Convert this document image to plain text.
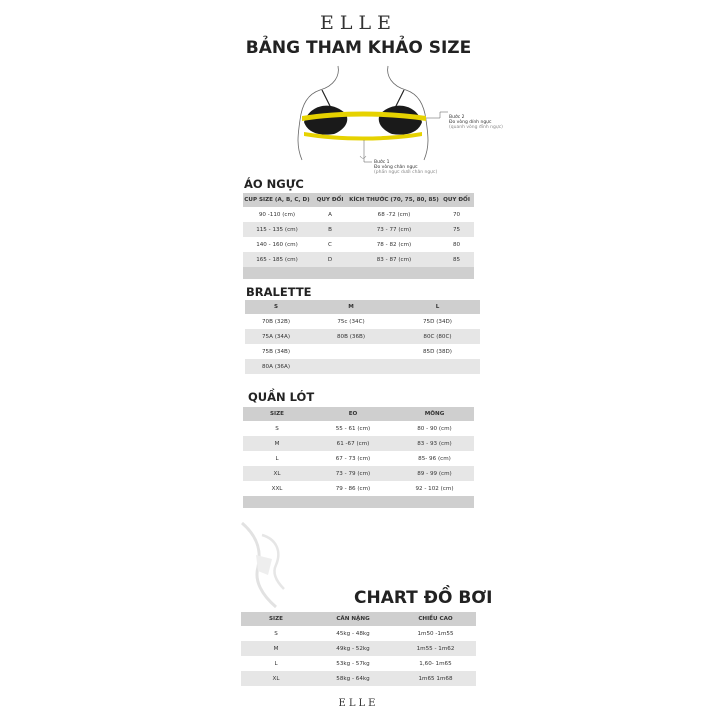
ELLE
BẢNG THAM KHẢO SIZE
Bước 2
Đo vòng dính ngực
(quanh vòng đỉnh ngực)
Bước 1
Đo vòng chân ngực
(phần ngực dưới chân ngực)
ÁO NGỰC
CUP SIZE (A, B, C, D)	QUY ĐỔI	KÍCH THƯỚC (70, 75, 80, 85)	QUY ĐỔI
90 -110 (cm)	A	68 -72 (cm)	70
115 - 135 (cm)	B	73 - 77 (cm)	75
140 - 160 (cm)	C	78 - 82 (cm)	80
165 - 185 (cm)	D	83 - 87 (cm)	85

BRALETTE
S	M	L
70B (32B)	75c (34C)	75D (34D)
75A (34A)	80B (36B)	80C (80C)
75B (34B)		85D (38D)
80A (36A)		
QUẦN LÓT
SIZE	EO	MÔNG
S	55 - 61 (cm)	80 - 90 (cm)
M	61 -67 (cm)	83 - 93 (cm)
L	67 - 73 (cm)	85- 96 (cm)
XL	73 - 79 (cm)	89 - 99 (cm)
XXL	79 - 86 (cm)	92 - 102 (cm)

CHART ĐỒ BƠI
SIZE	CÂN NẶNG	CHIỀU CAO
S	45kg - 48kg	1m50 -1m55
M	49kg - 52kg	1m55 - 1m62
L	53kg - 57kg	1,60- 1m65
XL	58kg - 64kg	1m65 1m68
ELLE
